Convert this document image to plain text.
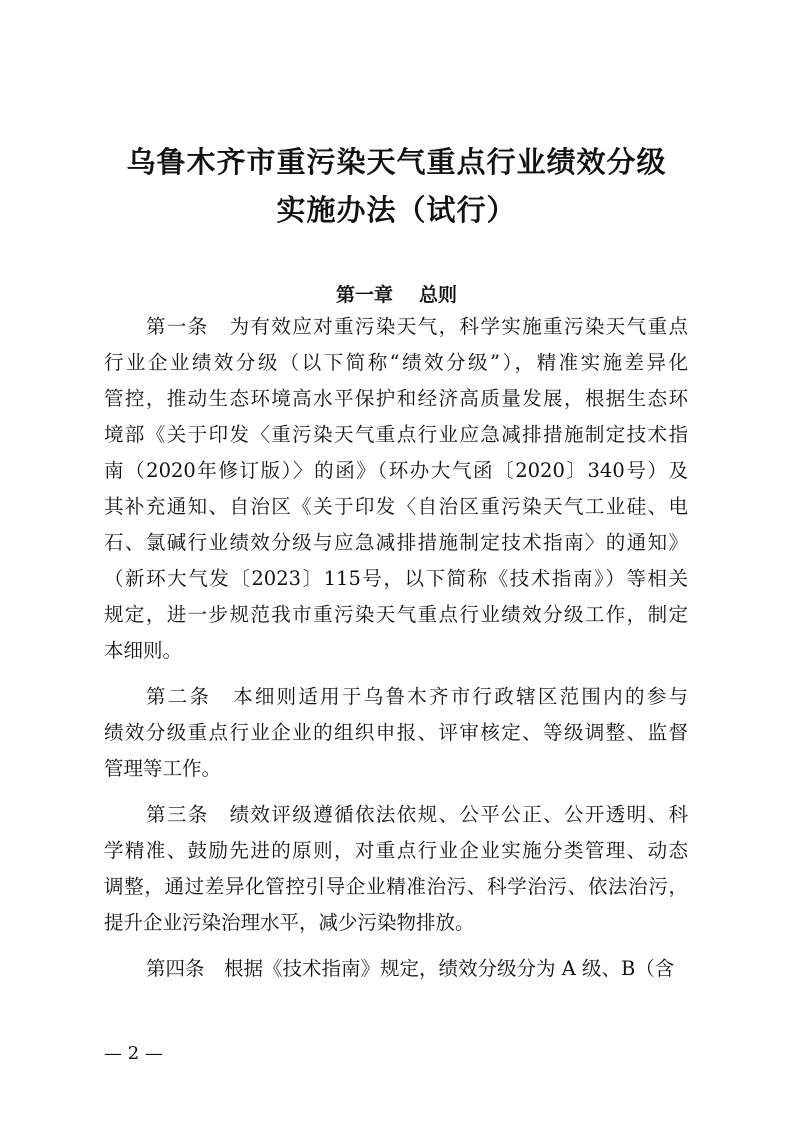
乌鲁木齐市重污染天气重点行业绩效分级
实施办法（试行）
第一章 总则
第一条　为有效应对重污染天气，科学实施重污染天气重点
行业企业绩效分级（以下简称“绩效分级”），精准实施差异化
管控，推动生态环境高水平保护和经济高质量发展，根据生态环
境部《关于印发〈重污染天气重点行业应急减排措施制定技术指
南（2020年修订版）〉的函》（环办大气函〔2020〕340号）及
其补充通知、自治区《关于印发〈自治区重污染天气工业硅、电
石、氯碱行业绩效分级与应急减排措施制定技术指南〉的通知》
（新环大气发〔2023〕115号，以下简称《技术指南》）等相关
规定，进一步规范我市重污染天气重点行业绩效分级工作，制定
本细则。
第二条　本细则适用于乌鲁木齐市行政辖区范围内的参与
绩效分级重点行业企业的组织申报、评审核定、等级调整、监督
管理等工作。
第三条　绩效评级遵循依法依规、公平公正、公开透明、科
学精准、鼓励先进的原则，对重点行业企业实施分类管理、动态
调整，通过差异化管控引导企业精准治污、科学治污、依法治污，
提升企业污染治理水平，减少污染物排放。
— 2 —
第四条　根据《技术指南》规定，绩效分级分为 A 级、B（含
